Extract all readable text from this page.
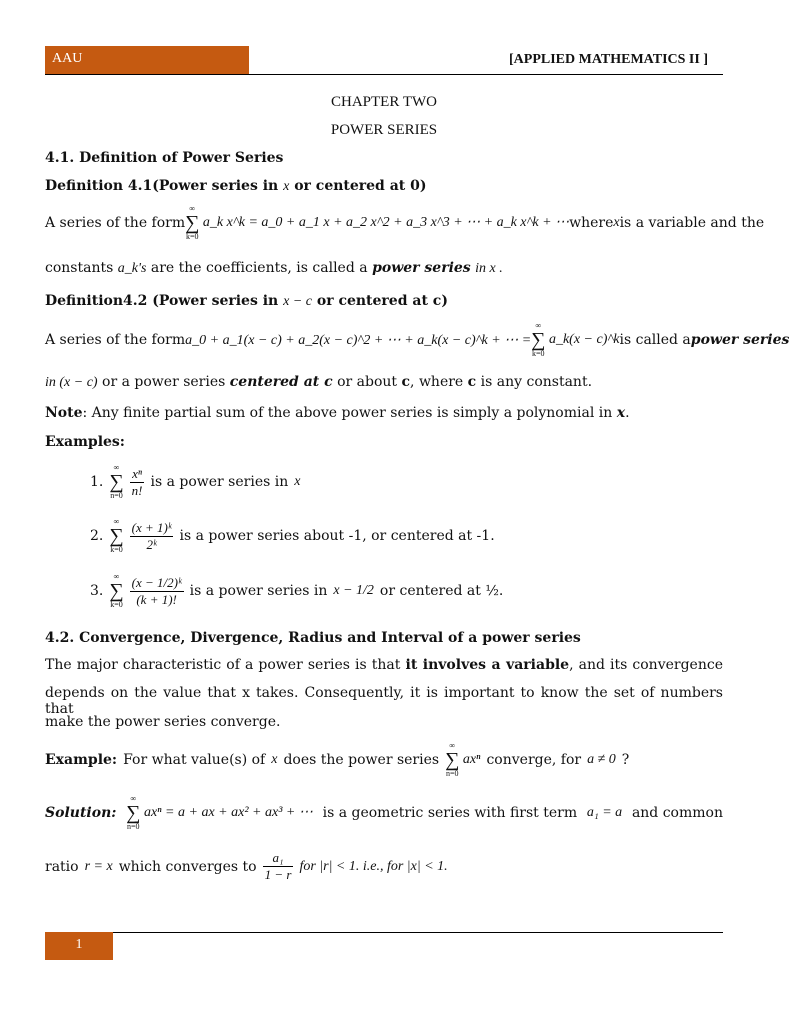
AAU	[APPLIED MATHEMATICS II ]
CHAPTER TWO
POWER SERIES
4.1. Definition of Power Series
Definition 4.1(Power series in x or centered at 0)
A series of the form
∞
∑
k=0
a_k x^k = a_0 + a_1 x + a_2 x^2 + a_3 x^3 + ⋯ + a_k x^k + ⋯ where x is a variable and the
constants a_k's are the coefficients, is called a power series in x .
Definition4.2 (Power series in x − c or centered at c)
A series of the form a_0 + a_1(x − c) + a_2(x − c)^2 + ⋯ + a_k(x − c)^k + ⋯ =
∞
∑
k=0
a_k(x − c)^k is called a power series
in (x − c) or a power series centered at c or about c, where c is any constant.
Note: Any finite partial sum of the above power series is simply a polynomial in x.
Examples:
1.
∞
∑
$n=0 \frac{\text{xⁿ}}{n!}$ is a power series in x
2.
∞
∑
$k=0 \frac{\text{(x + 1)ᵏ}}{\text{2ᵏ}}$ is a power series about -1, or centered at -1.
3.
∞
∑
$k=0 \frac{\text{(x − 1/2)ᵏ}}{(k + 1)!}$ is a power series in x − 1/2 or centered at ½.
4.2. Convergence, Divergence, Radius and Interval of a power series
The major characteristic of a power series is that it involves a variable, and its convergence
depends on the value that x takes. Consequently, it is important to know the set of numbers that
make the power series converge.
Example: For what value(s) of x does the power series
∞
∑
n=0
axⁿ converge, for a ≠ 0 ?
Solution:
∞
∑
n=0
axⁿ = a + ax + ax² + ax³ + ⋯ is a geometric series with first term a₁ = a and common
ratio r = x which converges to $\frac{\text{a₁}}{1 - r}$ for |r| < 1. i.e., for |x| < 1.
1
